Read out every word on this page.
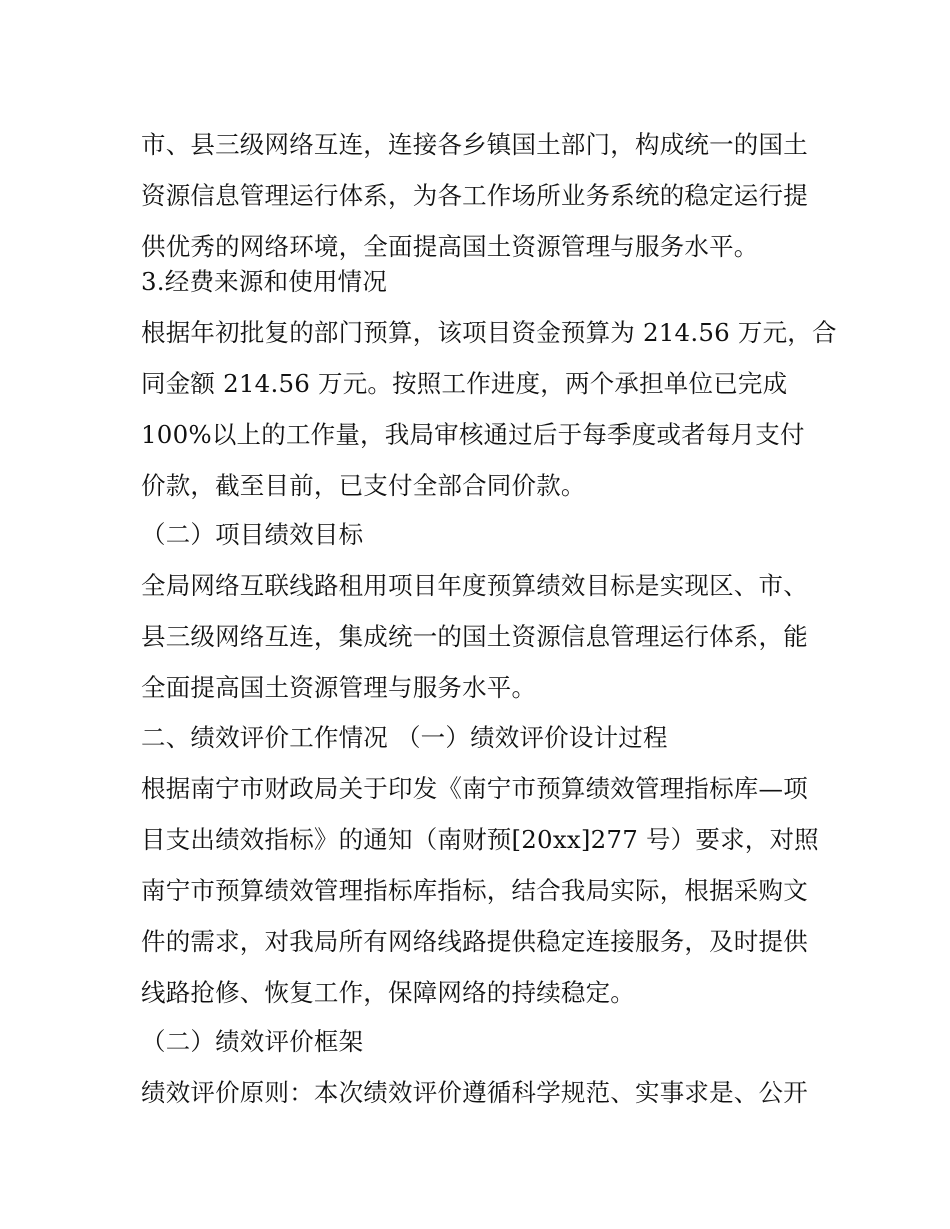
市、县三级网络互连，连接各乡镇国土部门，构成统一的国土
资源信息管理运行体系，为各工作场所业务系统的稳定运行提
供优秀的网络环境，全面提高国土资源管理与服务水平。
3.经费来源和使用情况
根据年初批复的部门预算，该项目资金预算为 214.56 万元，合
同金额 214.56 万元。按照工作进度，两个承担单位已完成
100%以上的工作量，我局审核通过后于每季度或者每月支付
价款，截至目前，已支付全部合同价款。
（二）项目绩效目标
全局网络互联线路租用项目年度预算绩效目标是实现区、市、
县三级网络互连，集成统一的国土资源信息管理运行体系，能
全面提高国土资源管理与服务水平。
二、绩效评价工作情况 （一）绩效评价设计过程
根据南宁市财政局关于印发《南宁市预算绩效管理指标库—项
目支出绩效指标》的通知（南财预[20xx]277 号）要求，对照
南宁市预算绩效管理指标库指标，结合我局实际，根据采购文
件的需求，对我局所有网络线路提供稳定连接服务，及时提供
线路抢修、恢复工作，保障网络的持续稳定。
（二）绩效评价框架
绩效评价原则：本次绩效评价遵循科学规范、实事求是、公开
